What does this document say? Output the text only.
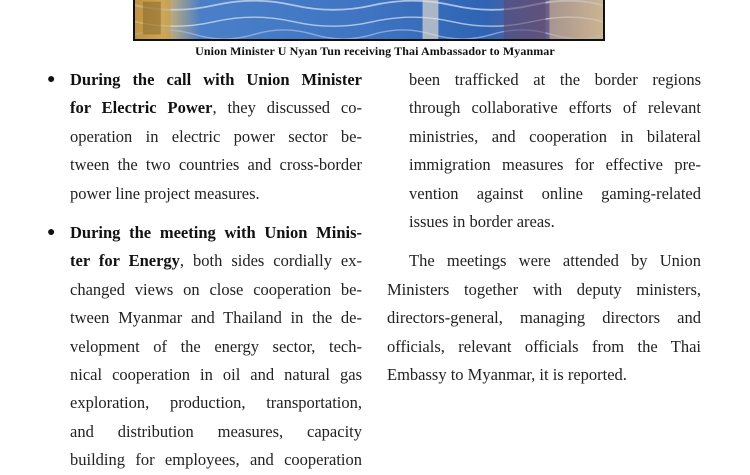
Union Minister U Nyan Tun receiving Thai Ambassador to Myanmar
● During the call with Union Minister
for Electric Power, they discussed co-
operation in electric power sector be-
tween the two countries and cross-border
power line project measures.
● During the meeting with Union Minis-
ter for Energy, both sides cordially ex-
changed views on close cooperation be-
tween Myanmar and Thailand in the de-
velopment of the energy sector, tech-
nical cooperation in oil and natural gas
exploration, production, transportation,
and distribution measures, capacity
building for employees, and cooperation
been trafficked at the border regions
through collaborative efforts of relevant
ministries, and cooperation in bilateral
immigration measures for effective pre-
vention against online gaming-related
issues in border areas.
The meetings were attended by Union
Ministers together with deputy ministers,
directors-general, managing directors and
officials, relevant officials from the Thai
Embassy to Myanmar, it is reported.
